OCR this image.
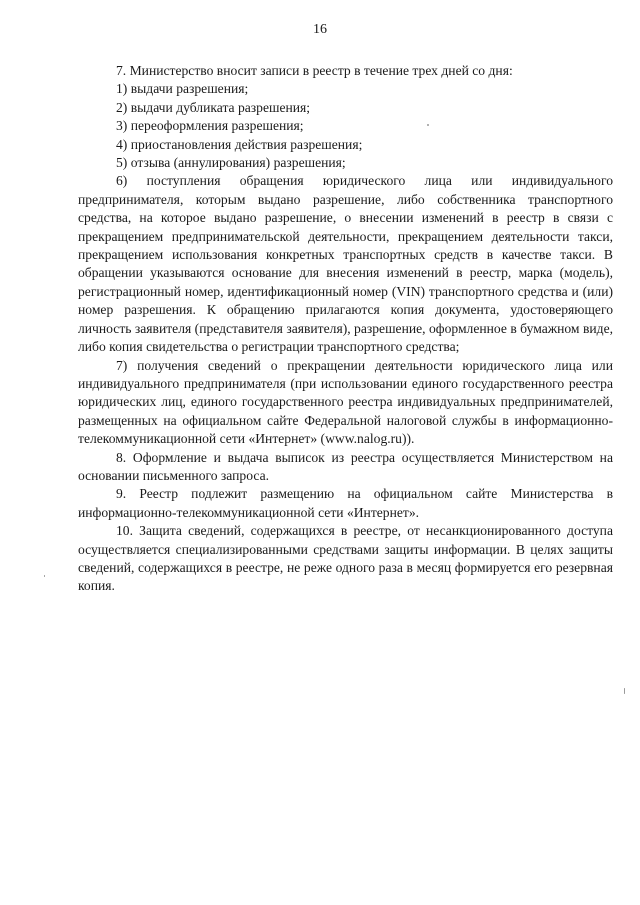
16

7. Министерство вносит записи в реестр в течение трех дней со дня:

1) выдачи разрешения;

2) выдачи дубликата разрешения;

3) переоформления разрешения;

4) приостановления действия разрешения;

5) отзыва (аннулирования) разрешения;

6) поступления обращения юридического лица или индивидуального предпринимателя, которым выдано разрешение, либо собственника транспортного средства, на которое выдано разрешение, о внесении изменений в реестр в связи с прекращением предпринимательской деятельности, прекращением деятельности такси, прекращением использования конкретных транспортных средств в качестве такси. В обращении указываются основание для внесения изменений в реестр, марка (модель), регистрационный номер, идентификационный номер (VIN) транспортного средства и (или) номер разрешения. К обращению прилагаются копия документа, удостоверяющего личность заявителя (представителя заявителя), разрешение, оформленное в бумажном виде, либо копия свидетельства о регистрации транспортного средства;

7) получения сведений о прекращении деятельности юридического лица или индивидуального предпринимателя (при использовании единого государственного реестра юридических лиц, единого государственного реестра индивидуальных предпринимателей, размещенных на официальном сайте Федеральной налоговой службы в информационно-телекоммуникационной сети «Интернет» (www.nalog.ru)).

8. Оформление и выдача выписок из реестра осуществляется Министерством на основании письменного запроса.

9. Реестр подлежит размещению на официальном сайте Министерства в информационно-телекоммуникационной сети «Интернет».

10. Защита сведений, содержащихся в реестре, от несанкционированного доступа осуществляется специализированными средствами защиты информации. В целях защиты сведений, содержащихся в реестре, не реже одного раза в месяц формируется его резервная копия.
